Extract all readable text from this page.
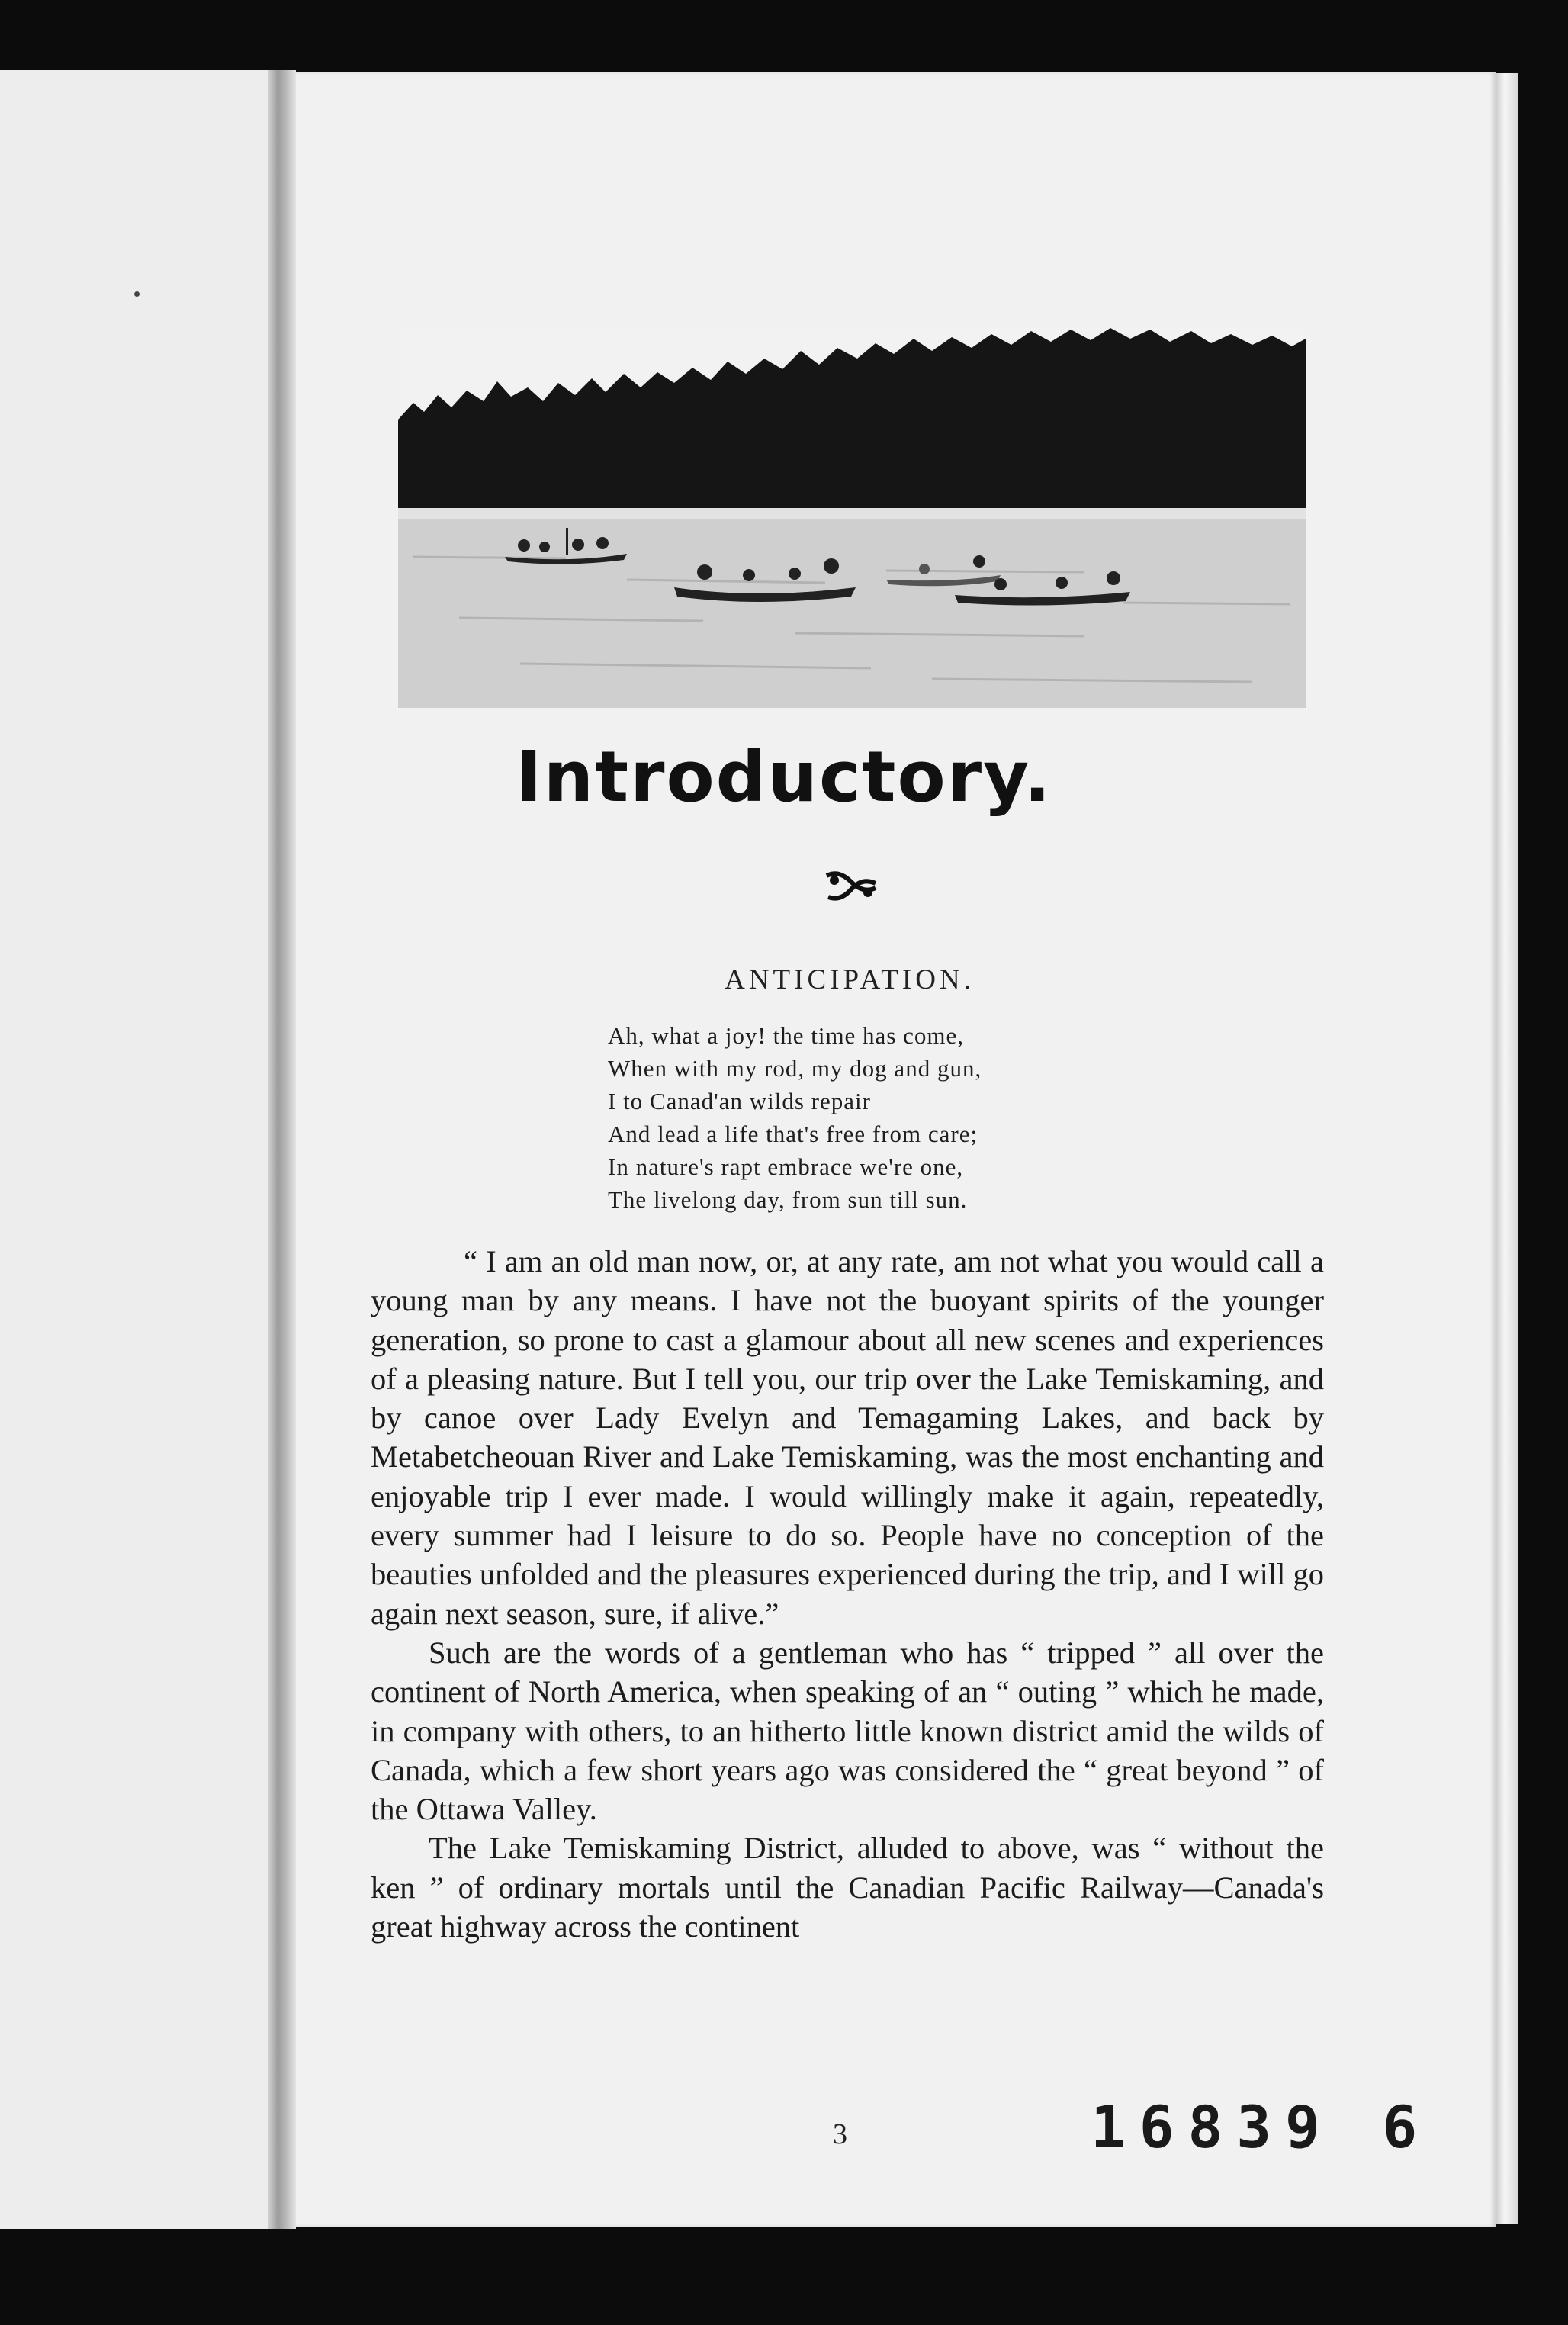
Introductory.
ANTICIPATION.
Ah, what a joy! the time has come,
When with my rod, my dog and gun,
I to Canad'an wilds repair
And lead a life that's free from care;
In nature's rapt embrace we're one,
The livelong day, from sun till sun.

“ I am an old man now, or, at any rate, am not what you would call a young man by any means. I have not the buoyant spirits of the younger generation, so prone to cast a glamour about all new scenes and experiences of a pleasing nature. But I tell you, our trip over the Lake Temiskaming, and by canoe over Lady Evelyn and Temagaming Lakes, and back by Metabetcheouan River and Lake Temiskaming, was the most enchanting and enjoyable trip I ever made. I would willingly make it again, repeatedly, every summer had I leisure to do so. People have no conception of the beauties unfolded and the pleasures experienced during the trip, and I will go again next season, sure, if alive.”

Such are the words of a gentleman who has “ tripped ” all over the continent of North America, when speaking of an “ outing ” which he made, in company with others, to an hitherto little known district amid the wilds of Canada, which a few short years ago was considered the “ great beyond ” of the Ottawa Valley.

The Lake Temiskaming District, alluded to above, was “ without the ken ” of ordinary mortals until the Canadian Pacific Railway—Canada's great highway across the continent

3	16839 6
